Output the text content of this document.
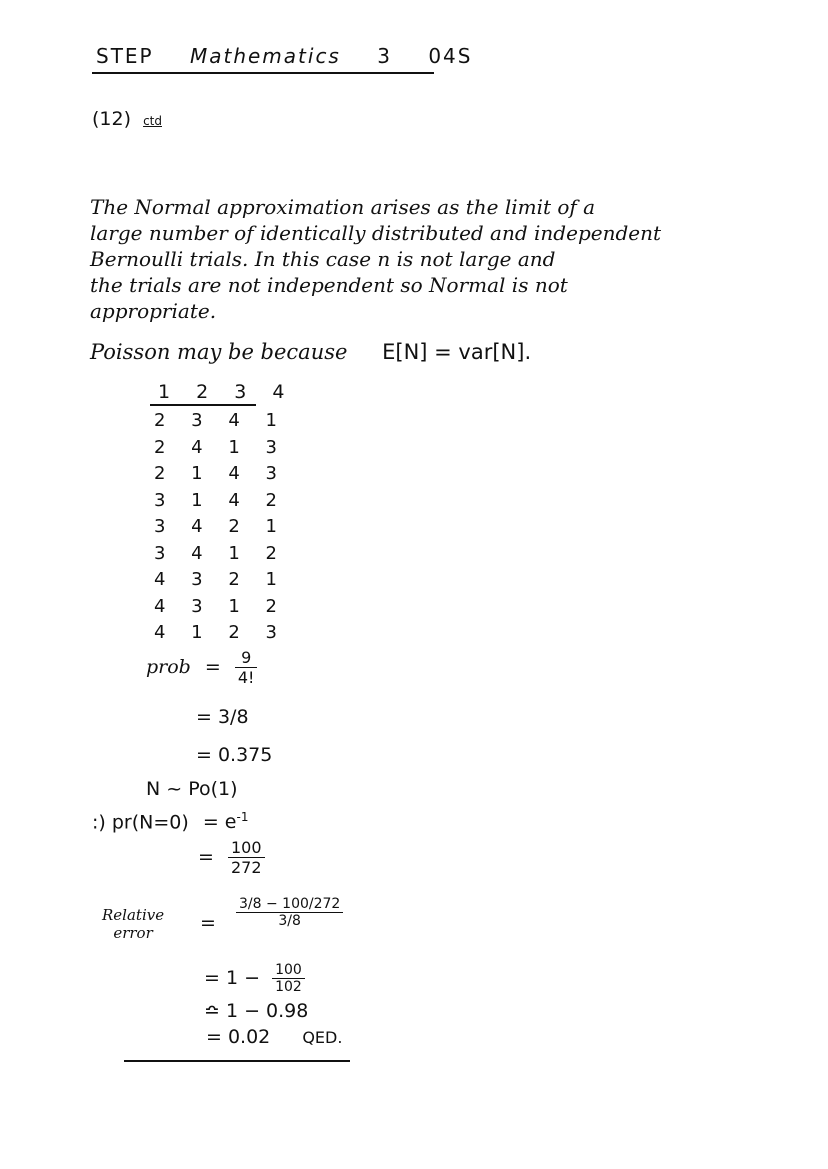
STEP Mathematics 3 04S
(12) ctd
The Normal approximation arises as the limit of a
large number of identically distributed and independent
Bernoulli trials. In this case n is not large and
the trials are not independent so Normal is not
appropriate.
Poisson may be because E[N] = var[N].
1 2 3 4
2 3 4 1
2 4 1 3
2 1 4 3
3 1 4 2
3 4 2 1
3 4 1 2
4 3 2 1
4 3 1 2
4 1 2 3
prob = $\frac{9}{4!}$
= 3/8
= 0.375
N ~ Po(1)
:) $pr(N=0) = e^{-1}$
= $\frac{100}{272}$
Relative
error	= $\frac{3/8 - 100/272}{3/8}$
= $1 - \frac{100}{102}$
≏ 1 − 0.98
= 0.02 QED.
